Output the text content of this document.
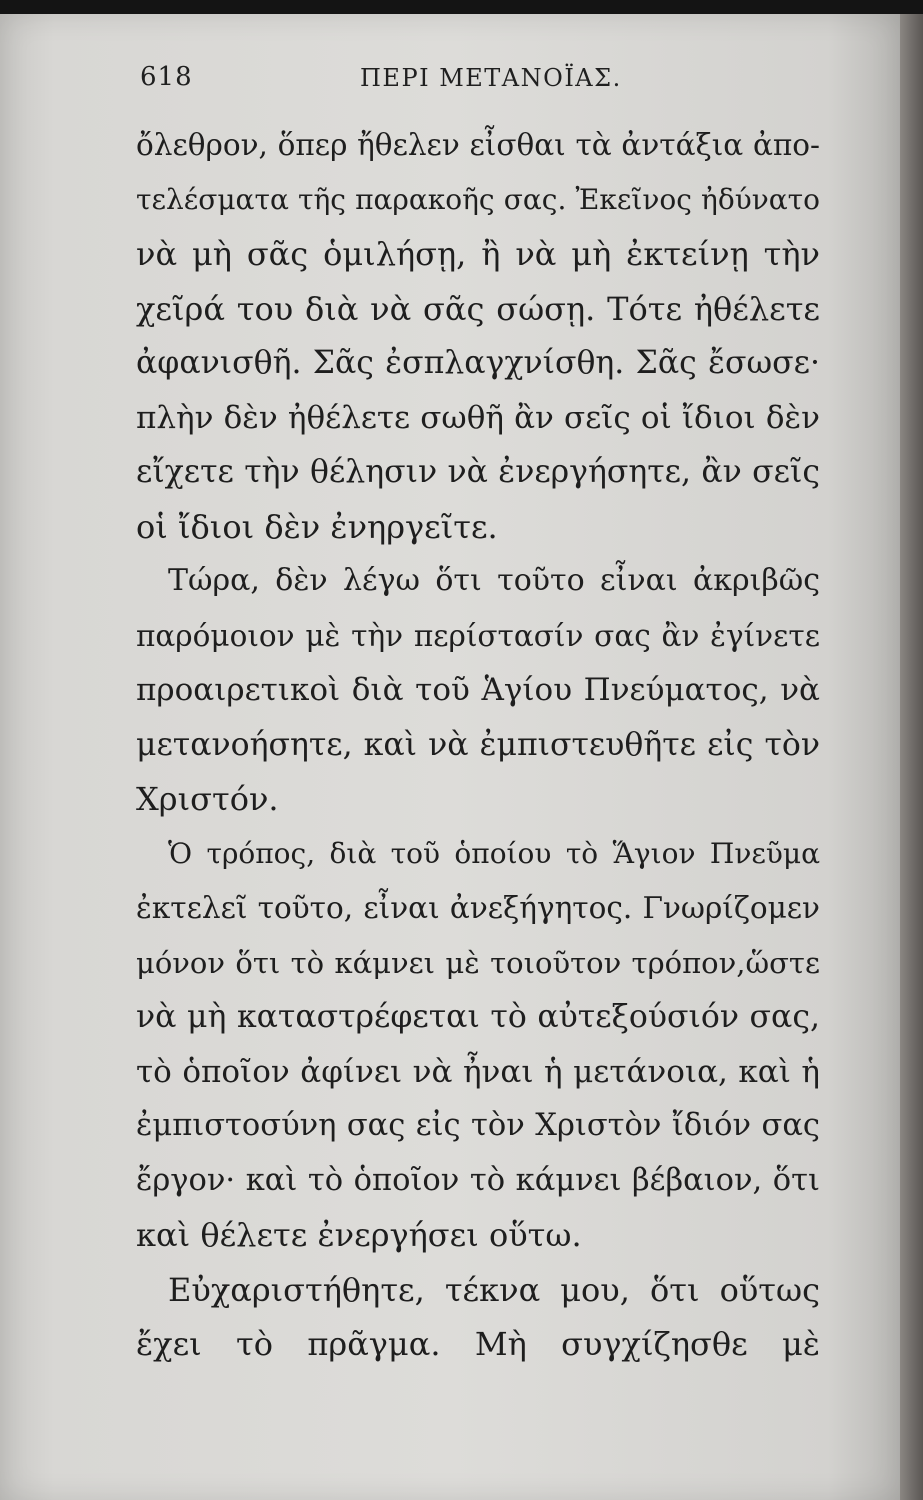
618	ΠΕΡΙ ΜΕΤΑΝΟΪΑΣ.
ὄλεθρον, ὅπερ ἤθελεν εἶσθαι τὰ ἀντάξια ἀπο-
τελέσματα τῆς παρακοῆς σας. Ἐκεῖνος ἠδύνατο
νὰ μὴ σᾶς ὁμιλήσῃ, ἢ νὰ μὴ ἐκτείνῃ τὴν
χεῖρά του διὰ νὰ σᾶς σώσῃ. Τότε ἠθέλετε
ἀφανισθῆ. Σᾶς ἐσπλαγχνίσθη. Σᾶς ἔσωσε·
πλὴν δὲν ἠθέλετε σωθῆ ἂν σεῖς οἱ ἴδιοι δὲν
εἴχετε τὴν θέλησιν νὰ ἐνεργήσητε, ἂν σεῖς
οἱ ἴδιοι δὲν ἐνηργεῖτε.
Τώρα, δὲν λέγω ὅτι τοῦτο εἶναι ἀκριβῶς
παρόμοιον μὲ τὴν περίστασίν σας ἂν ἐγίνετε
προαιρετικοὶ διὰ τοῦ Ἁγίου Πνεύματος, νὰ
μετανοήσητε, καὶ νὰ ἐμπιστευθῆτε εἰς τὸν
Χριστόν.
Ὁ τρόπος, διὰ τοῦ ὁποίου τὸ Ἅγιον Πνεῦμα
ἐκτελεῖ τοῦτο, εἶναι ἀνεξήγητος. Γνωρίζομεν
μόνον ὅτι τὸ κάμνει μὲ τοιοῦτον τρόπον,ὥστε
νὰ μὴ καταστρέφεται τὸ αὐτεξούσιόν σας,
τὸ ὁποῖον ἀφίνει νὰ ἦναι ἡ μετάνοια, καὶ ἡ
ἐμπιστοσύνη σας εἰς τὸν Χριστὸν ἴδιόν σας
ἔργον· καὶ τὸ ὁποῖον τὸ κάμνει βέβαιον, ὅτι
καὶ θέλετε ἐνεργήσει οὕτω.
Εὐχαριστήθητε, τέκνα μου, ὅτι οὕτως
ἔχει τὸ πρᾶγμα. Μὴ συγχίζησθε μὲ
